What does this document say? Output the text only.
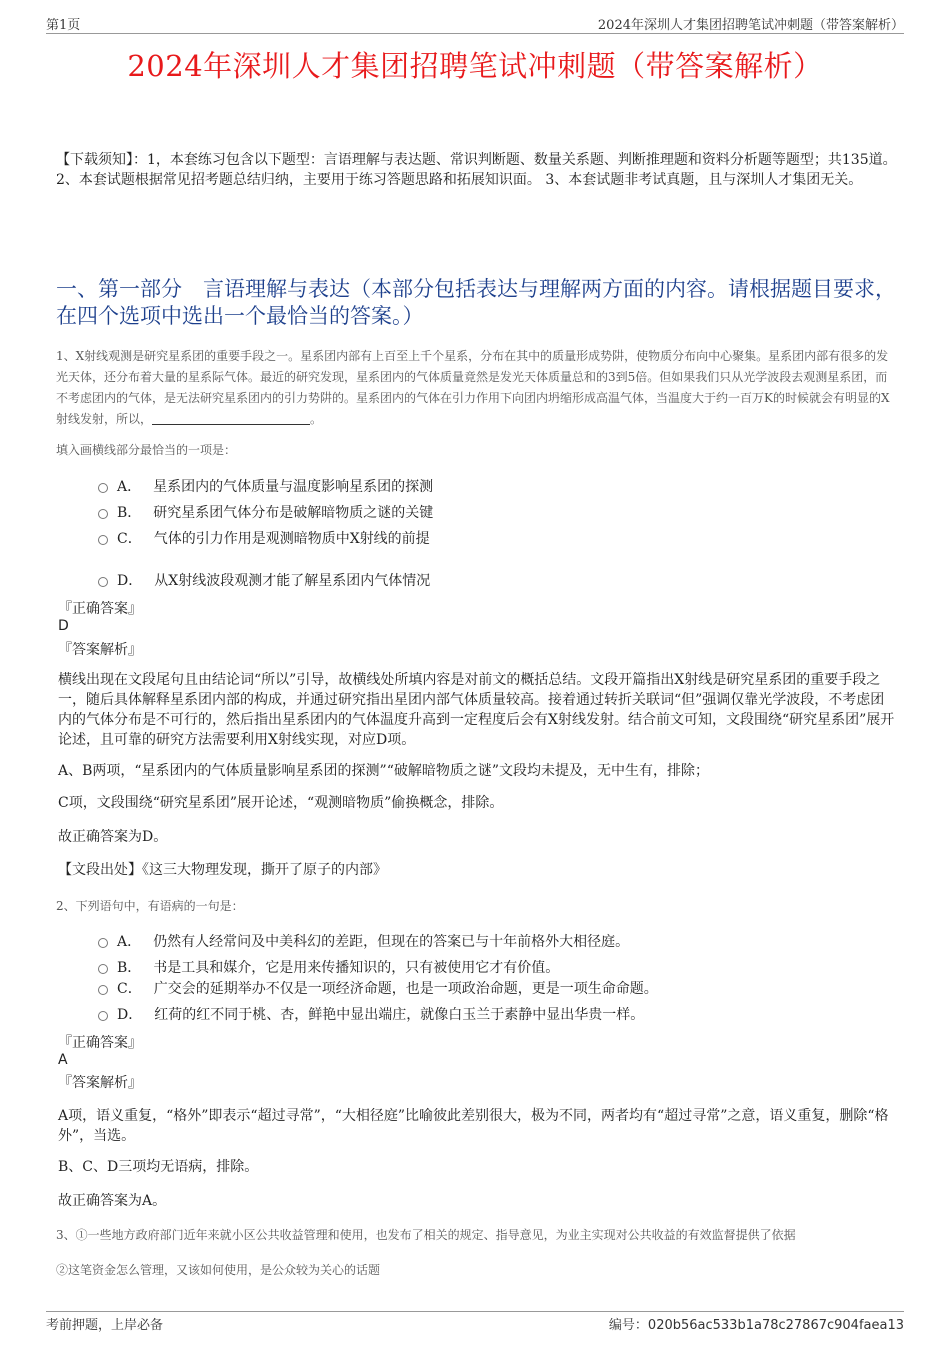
第1页	2024年深圳人才集团招聘笔试冲刺题（带答案解析）
2024年深圳人才集团招聘笔试冲刺题（带答案解析）
【下载须知】：1，本套练习包含以下题型：言语理解与表达题、常识判断题、数量关系题、判断推理题和资料分析题等题型；共135道。 2、本套试题根据常见招考题总结归纳，主要用于练习答题思路和拓展知识面。 3、本套试题非考试真题，且与深圳人才集团无关。
一、第一部分　言语理解与表达（本部分包括表达与理解两方面的内容。请根据题目要求，在四个选项中选出一个最恰当的答案。）
1、X射线观测是研究星系团的重要手段之一。星系团内部有上百至上千个星系，分布在其中的质量形成势阱，使物质分布向中心聚集。星系团内部有很多的发光天体，还分布着大量的星系际气体。最近的研究发现，星系团内的气体质量竟然是发光天体质量总和的3到5倍。但如果我们只从光学波段去观测星系团，而不考虑团内的气体，是无法研究星系团内的引力势阱的。星系团内的气体在引力作用下向团内坍缩形成高温气体，当温度大于约一百万K的时候就会有明显的X射线发射，所以，	。
填入画横线部分最恰当的一项是：
A． 星系团内的气体质量与温度影响星系团的探测
B． 研究星系团气体分布是破解暗物质之谜的关键
C． 气体的引力作用是观测暗物质中X射线的前提
D． 从X射线波段观测才能了解星系团内气体情况
『正确答案』
D
『答案解析』
横线出现在文段尾句且由结论词“所以”引导，故横线处所填内容是对前文的概括总结。文段开篇指出X射线是研究星系团的重要手段之一，随后具体解释星系团内部的构成，并通过研究指出星团内部气体质量较高。接着通过转折关联词“但”强调仅靠光学波段，不考虑团内的气体分布是不可行的，然后指出星系团内的气体温度升高到一定程度后会有X射线发射。结合前文可知，文段围绕“研究星系团”展开论述，且可靠的研究方法需要利用X射线实现，对应D项。
A、B两项，“星系团内的气体质量影响星系团的探测”“破解暗物质之谜”文段均未提及，无中生有，排除；
C项，文段围绕“研究星系团”展开论述，“观测暗物质”偷换概念，排除。
故正确答案为D。
【文段出处】《这三大物理发现，撕开了原子的内部》
2、下列语句中，有语病的一句是：
A． 仍然有人经常问及中美科幻的差距，但现在的答案已与十年前格外大相径庭。
B． 书是工具和媒介，它是用来传播知识的，只有被使用它才有价值。
C． 广交会的延期举办不仅是一项经济命题，也是一项政治命题，更是一项生命命题。
D． 红荷的红不同于桃、杏，鲜艳中显出端庄，就像白玉兰于素静中显出华贵一样。
『正确答案』
A
『答案解析』
A项，语义重复，“格外”即表示“超过寻常”，“大相径庭”比喻彼此差别很大，极为不同，两者均有“超过寻常”之意，语义重复，删除“格外”，当选。
B、C、D三项均无语病，排除。
故正确答案为A。
3、①一些地方政府部门近年来就小区公共收益管理和使用，也发布了相关的规定、指导意见，为业主实现对公共收益的有效监督提供了依据
②这笔资金怎么管理，又该如何使用，是公众较为关心的话题
考前押题，上岸必备	编号：020b56ac533b1a78c27867c904faea13
